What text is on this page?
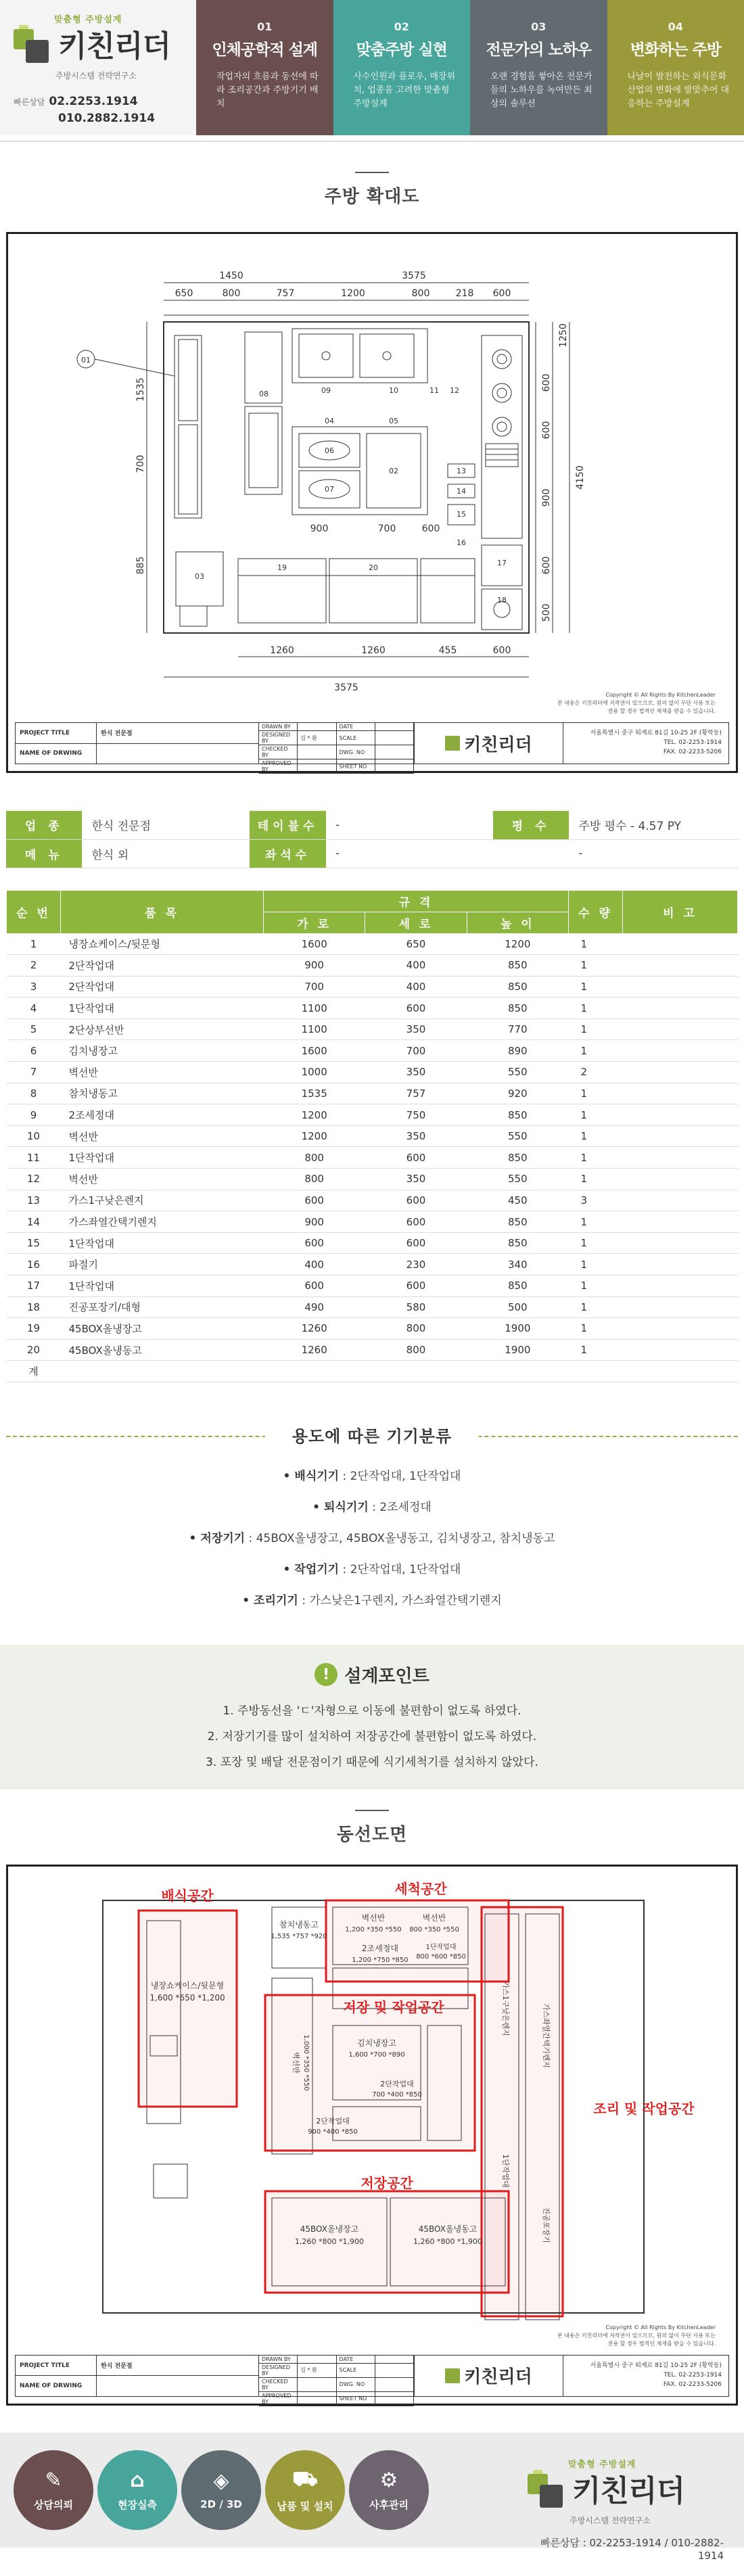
맞춤형 주방설계
키친리더
주방시스템 전략연구소
빠른상담 02.2253.1914
010.2882.1914
01
인체공학적 설계
작업자의 흐름과 동선에 따라 조리공간과 주방기기 배치
02
맞춤주방 실현
사수인원과 플로우, 매장위치, 업종을 고려한 맞춤형 주방설계
03
전문가의 노하우
오랜 경험을 쌓아온 전문가들의 노하우를 녹여만든 최상의 솔루션
04
변화하는 주방
나날이 발전하는 외식문화 산업의 변화에 발맞추어 대응하는 주방설계
주방 확대도
1450	3575
650	800	757	1200	800	218 600
1260	1260	455	600
3575
900	700	600
01
1535
700
885
1250
600
600
900
4150
600
500
08	09	10	11 12
04	05
06
07
02	13
14
15
16
17
18
19	20
03
Copyright © All Rights By KitchenLeader
본 내용은 키친리더에 저작권이 있으므로, 원의 없이 무단 사용 또는 전용 할 경우 법적인 제재를 받을 수 있습니다.
PROJECT TITLE	한식 전문점
NAME OF DRWING
DRAWN BY	DATE
DESIGNED BY	김 * 환	SCALE
CHECKED BY	DWG. NO
APPROVED BY	SHEET NO
키친리더
서울특별시 중구 퇴계로 81길 10-25 2F (황학동)
TEL. 02-2253-1914
FAX. 02-2233-5206
업 종	한식 전문점	테이블수	-	평 수	주방 평수 - 4.57 PY
메 뉴	한식 외	좌석수	-		-
순 번	품 목	규 격			수 량	비 고
		가 로	세 로	높 이		
1	냉장쇼케이스/뒷문형	1600	650	1200	1	
2	2단작업대	900	400	850	1	
3	2단작업대	700	400	850	1	
4	1단작업대	1100	600	850	1	
5	2단상부선반	1100	350	770	1	
6	김치냉장고	1600	700	890	1	
7	벽선반	1000	350	550	2	
8	참치냉동고	1535	757	920	1	
9	2조세정대	1200	750	850	1	
10	벽선반	1200	350	550	1	
11	1단작업대	800	600	850	1	
12	벽선반	800	350	550	1	
13	가스1구낮은렌지	600	600	450	3	
14	가스좌열간택기렌지	900	600	850	1	
15	1단작업대	600	600	850	1	
16	파절기	400	230	340	1	
17	1단작업대	600	600	850	1	
18	진공포장기/대형	490	580	500	1	
19	45BOX올냉장고	1260	800	1900	1	
20	45BOX올냉동고	1260	800	1900	1	
계						
용도에 따른 기기분류
• 배식기기 : 2단작업대, 1단작업대
• 퇴식기기 : 2조세정대
• 저장기기 : 45BOX올냉장고, 45BOX올냉동고, 김치냉장고, 참치냉동고
• 작업기기 : 2단작업대, 1단작업대
• 조리기기 : 가스낮은1구렌지, 가스좌열간택기렌지
! 설계포인트
1. 주방동선을 'ㄷ'자형으로 이동에 불편함이 없도록 하였다.
2. 저장기기를 많이 설치하여 저장공간에 불편함이 없도록 하였다.
3. 포장 및 배달 전문점이기 때문에 식기세척기를 설치하지 않았다.
동선도면
배식공간	세척공간
저장 및 작업공간
저장공간
조리 및 작업공간
냉장쇼케이스/뒷문형
1,600 *650 *1,200
참치냉동고
1,535 *757 *920
벽선반
1,200 *350 *550
벽선반
800 *350 *550
2조세정대
1,200 *750 *850
1단작업대
800 *600 *850
김치냉장고
1,600 *700 *890
2단작업대
700 *400 *850
2단작업대
900 *400 *850
45BOX올냉장고
1,260 *800 *1,900
45BOX올냉동고
1,260 *800 *1,900
벽선반 1,000 *350 *550
가스1구낮은렌지	가스좌열간택기렌지
1단작업대
진공포장기
Copyright © All Rights By KitchenLeader
본 내용은 키친리더에 저작권이 있으므로, 원의 없이 무단 사용 또는 전용 할 경우 법적인 제재를 받을 수 있습니다.
PROJECT TITLE	한식 전문점
NAME OF DRWING
DRAWN BY	DATE
DESIGNED BY	김 * 환	SCALE
CHECKED BY	DWG. NO
APPROVED BY	SHEET NO
키친리더
서울특별시 중구 퇴계로 81길 10-25 2F (황학동)
TEL. 02-2253-1914
FAX. 02-2233-5206
✎
상담의뢰
⌂
현장실측
◈
2D / 3D
⛟
납품 및 설치
⚙
사후관리
맞춤형 주방설계
키친리더
주방시스템 전략연구소
빠른상담 : 02-2253-1914 / 010-2882-1914
